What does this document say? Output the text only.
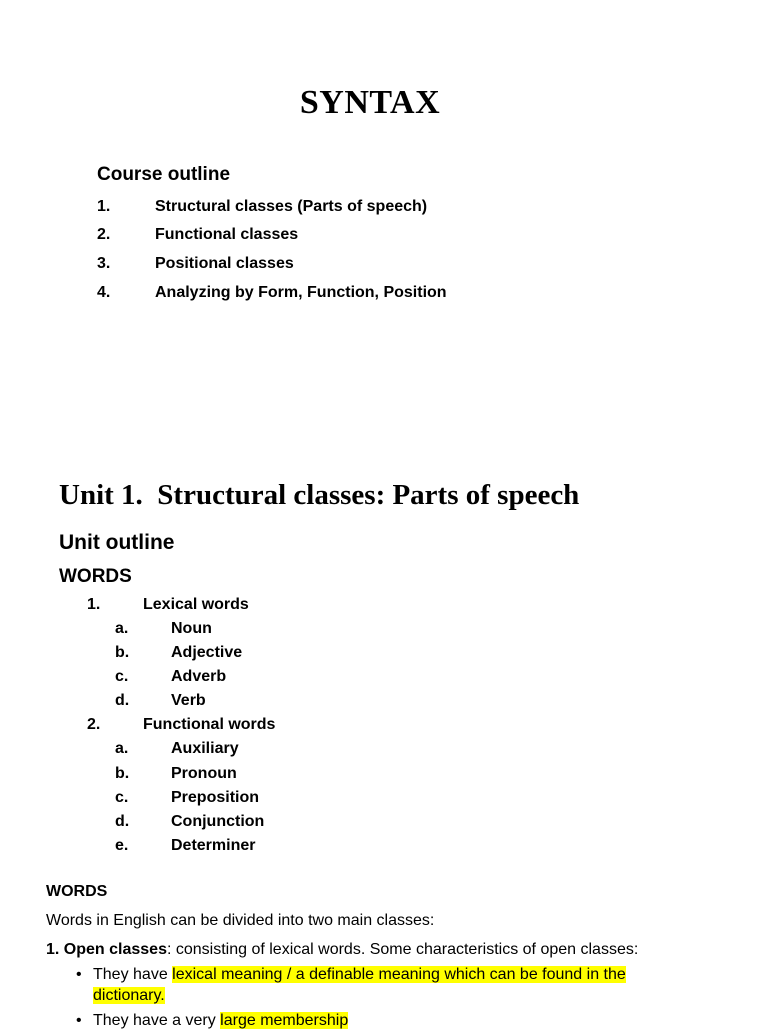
SYNTAX
Course outline
1.	Structural classes (Parts of speech)
2.	Functional classes
3.	Positional classes
4.	Analyzing by Form, Function, Position
Unit 1.  Structural classes: Parts of speech
Unit outline
WORDS
1.	Lexical words
a.	Noun
b.	Adjective
c.	Adverb
d.	Verb
2.	Functional words
a.	Auxiliary
b.	Pronoun
c.	Preposition
d.	Conjunction
e.	Determiner
WORDS
Words in English can be divided into two main classes:
1. Open classes: consisting of lexical words. Some characteristics of open classes:
• They have lexical meaning / a definable meaning which can be found in the
dictionary.
• They have a very large membership
